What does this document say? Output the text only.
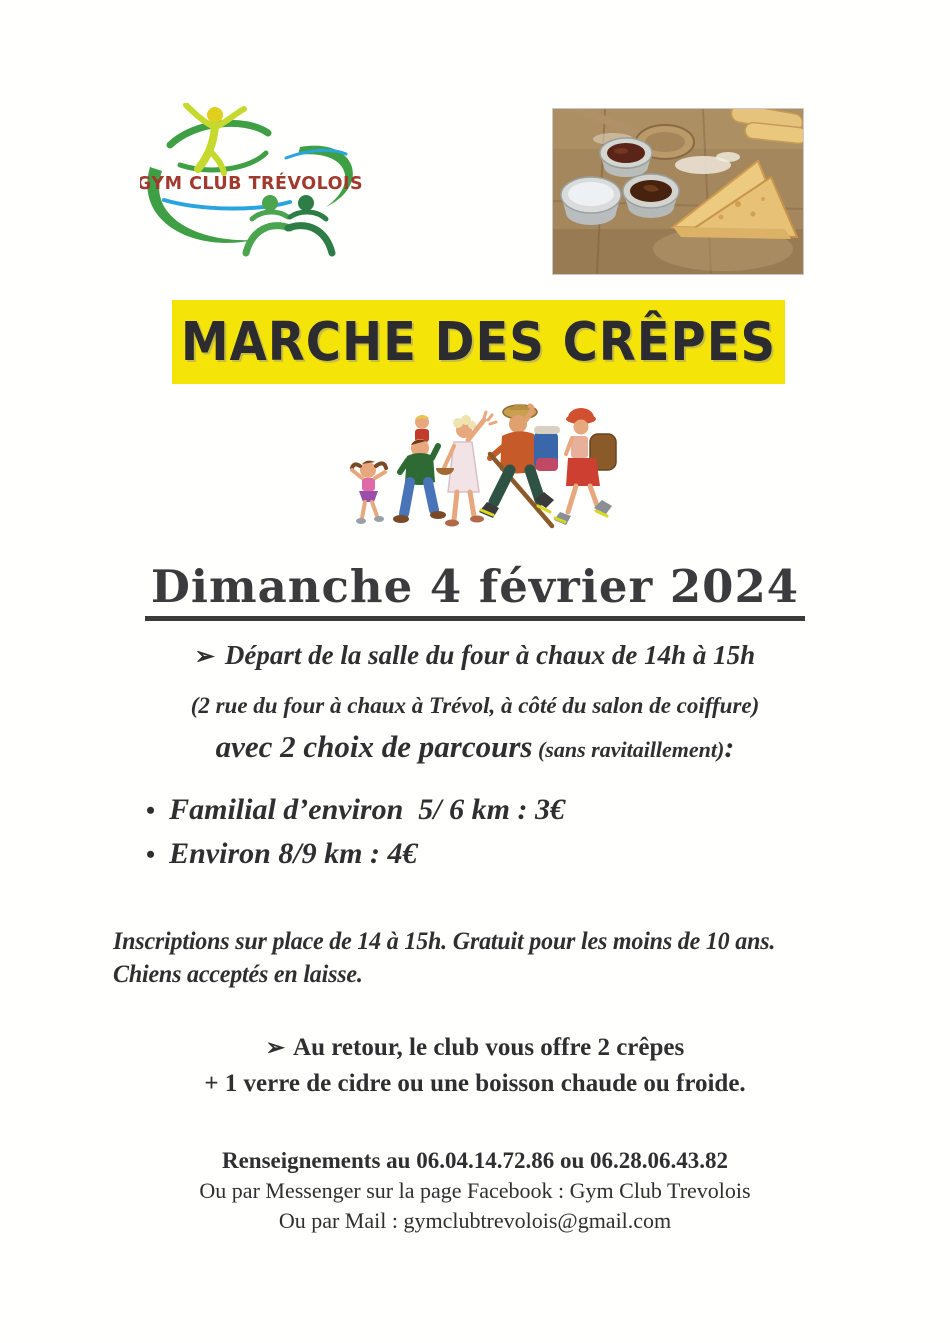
GYM CLUB TRÉVOLOIS
MARCHE DES CRÊPES
Dimanche 4 février 2024
➢ Départ de la salle du four à chaux de 14h à 15h
(2 rue du four à chaux à Trévol, à côté du salon de coiffure)
avec 2 choix de parcours (sans ravitaillement):
• Familial d’environ  5/ 6 km : 3€
• Environ 8/9 km : 4€
Inscriptions sur place de 14 à 15h. Gratuit pour les moins de 10 ans.
Chiens acceptés en laisse.
➢ Au retour, le club vous offre 2 crêpes
+ 1 verre de cidre ou une boisson chaude ou froide.
Renseignements au 06.04.14.72.86 ou 06.28.06.43.82
Ou par Messenger sur la page Facebook : Gym Club Trevolois
Ou par Mail : gymclubtrevolois@gmail.com
